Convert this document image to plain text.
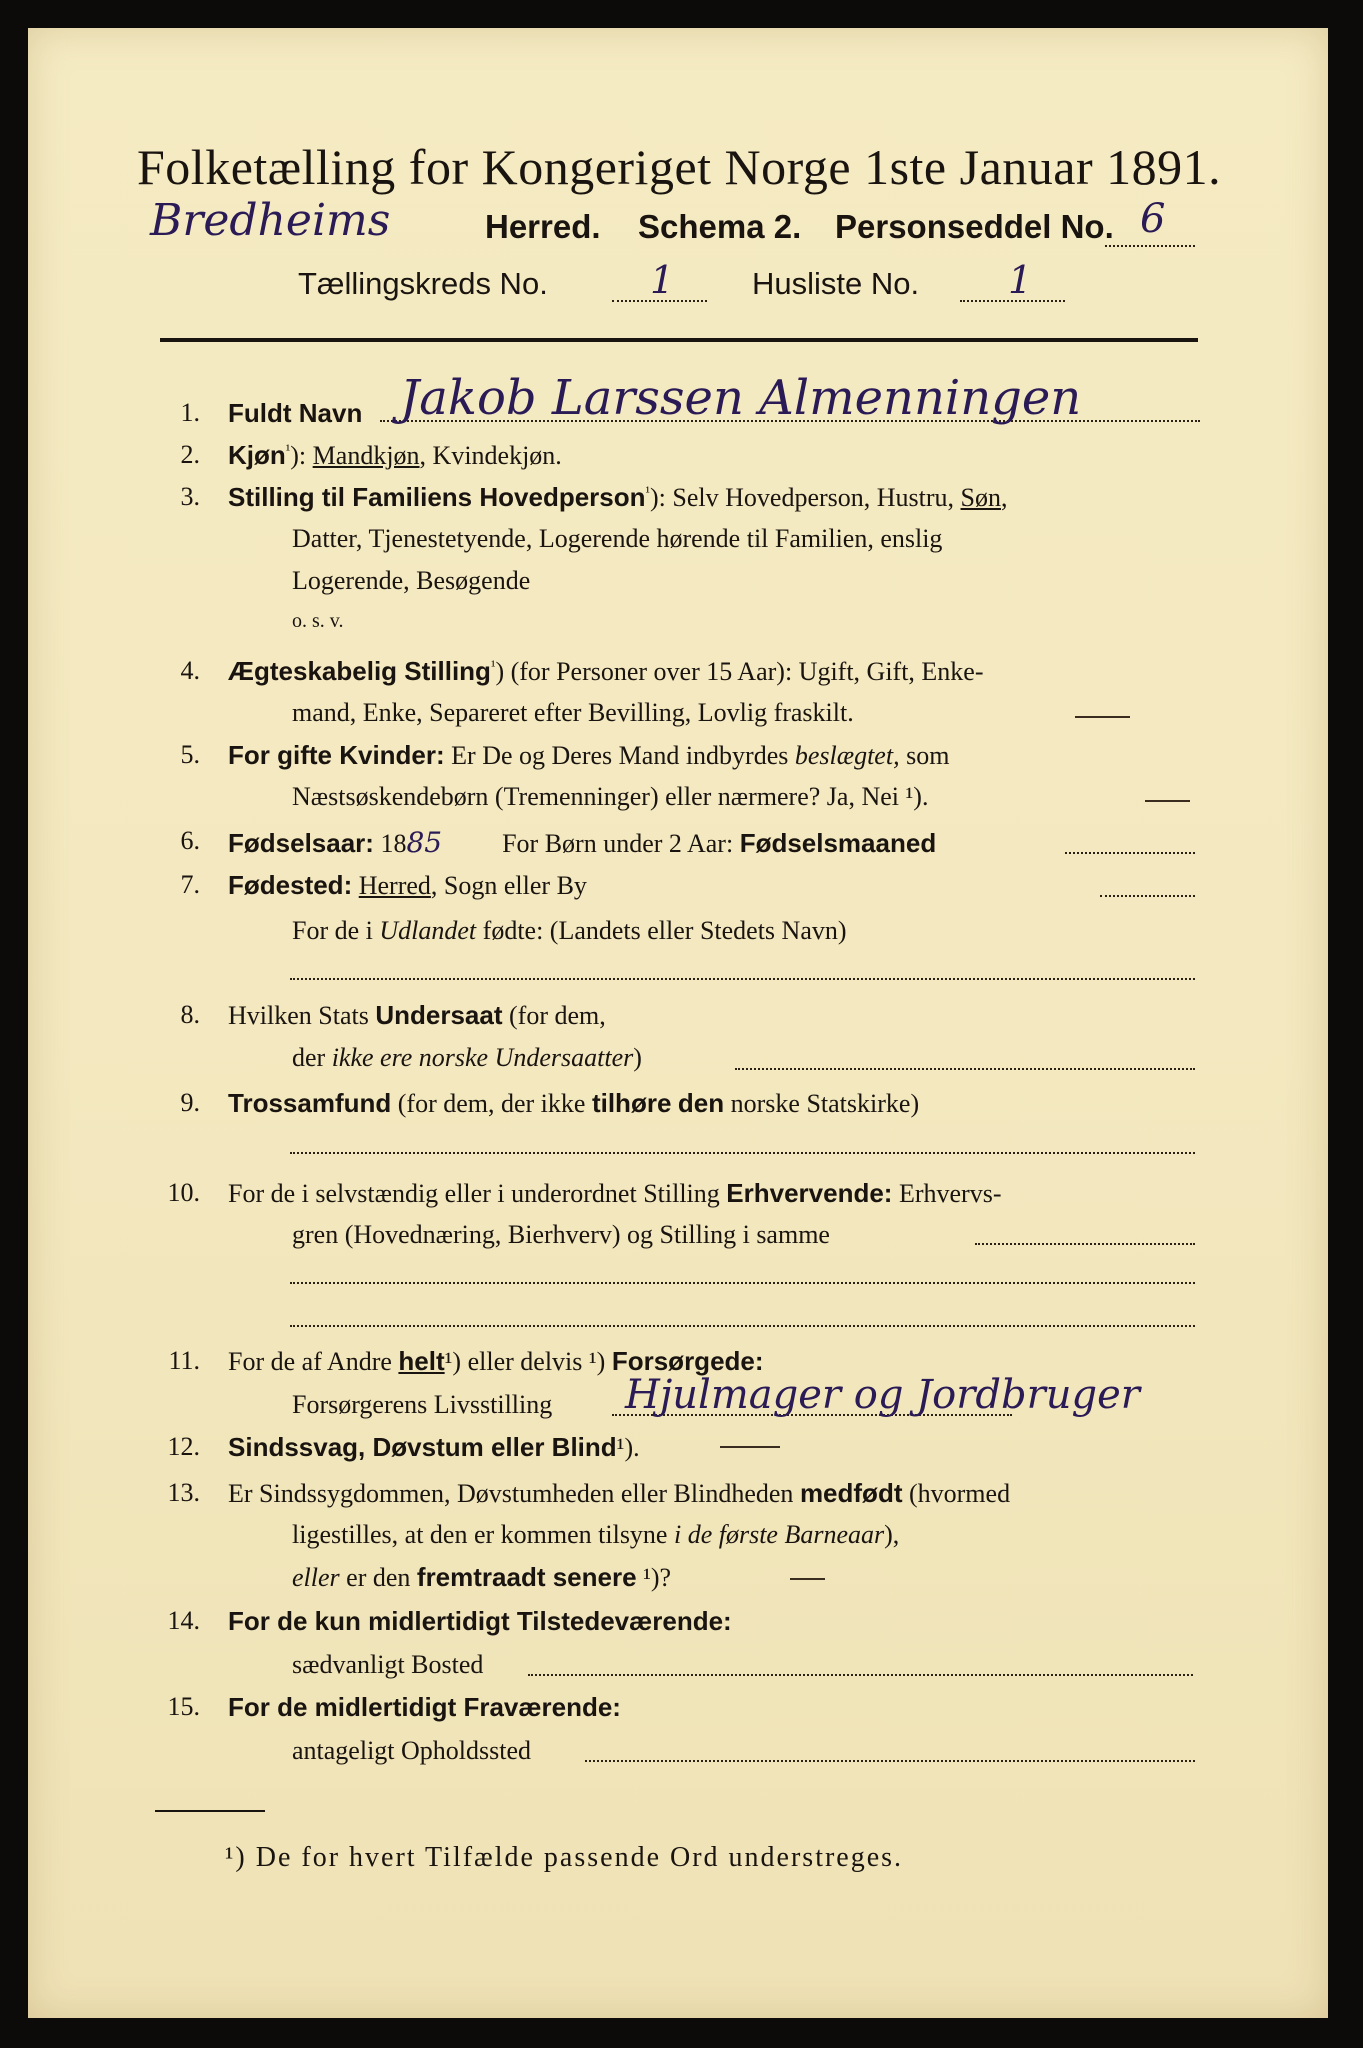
Folketælling for Kongeriget Norge 1ste Januar 1891.
Bredheims	Herred. Schema 2. Personseddel No. 6
Tællingskreds No.	1	Husliste No. 1
1. Fuldt Navn Jakob Larssen Almenningen
2. Kjøn$^{^1}$): Mandkjøn, Kvindekjøn.
3. Stilling til Familiens Hovedperson$^{^1}$): Selv Hovedperson, Hustru, Søn,
Datter, Tjenestetyende, Logerende hørende til Familien, enslig
Logerende, Besøgende
o. s. v.
4. Ægteskabelig Stilling$^{^1}$) (for Personer over 15 Aar): Ugift, Gift, Enke-
mand, Enke, Separeret efter Bevilling, Lovlig fraskilt.
5. For gifte Kvinder: Er De og Deres Mand indbyrdes beslægtet, som
Næstsøskendebørn (Tremenninger) eller nærmere? Ja, Nei ¹).
6. Fødselsaar: 1885 For Børn under 2 Aar: Fødselsmaaned
7. Fødested: Herred, Sogn eller By
For de i Udlandet fødte: (Landets eller Stedets Navn)
8. Hvilken Stats Undersaat (for dem,
der ikke ere norske Undersaatter)
9. Trossamfund (for dem, der ikke tilhøre den norske Statskirke)
10. For de i selvstændig eller i underordnet Stilling Erhvervende: Erhvervs-
gren (Hovednæring, Bierhverv) og Stilling i samme
11. For de af Andre helt¹) eller delvis ¹) Forsørgede:
Forsørgerens Livsstilling Hjulmager og Jordbruger
12. Sindssvag, Døvstum eller Blind¹).
13. Er Sindssygdommen, Døvstumheden eller Blindheden medfødt (hvormed
ligestilles, at den er kommen tilsyne i de første Barneaar),
eller er den fremtraadt senere ¹)?
14. For de kun midlertidigt Tilstedeværende:
sædvanligt Bosted
15. For de midlertidigt Fraværende:
antageligt Opholdssted
¹) De for hvert Tilfælde passende Ord understreges.
